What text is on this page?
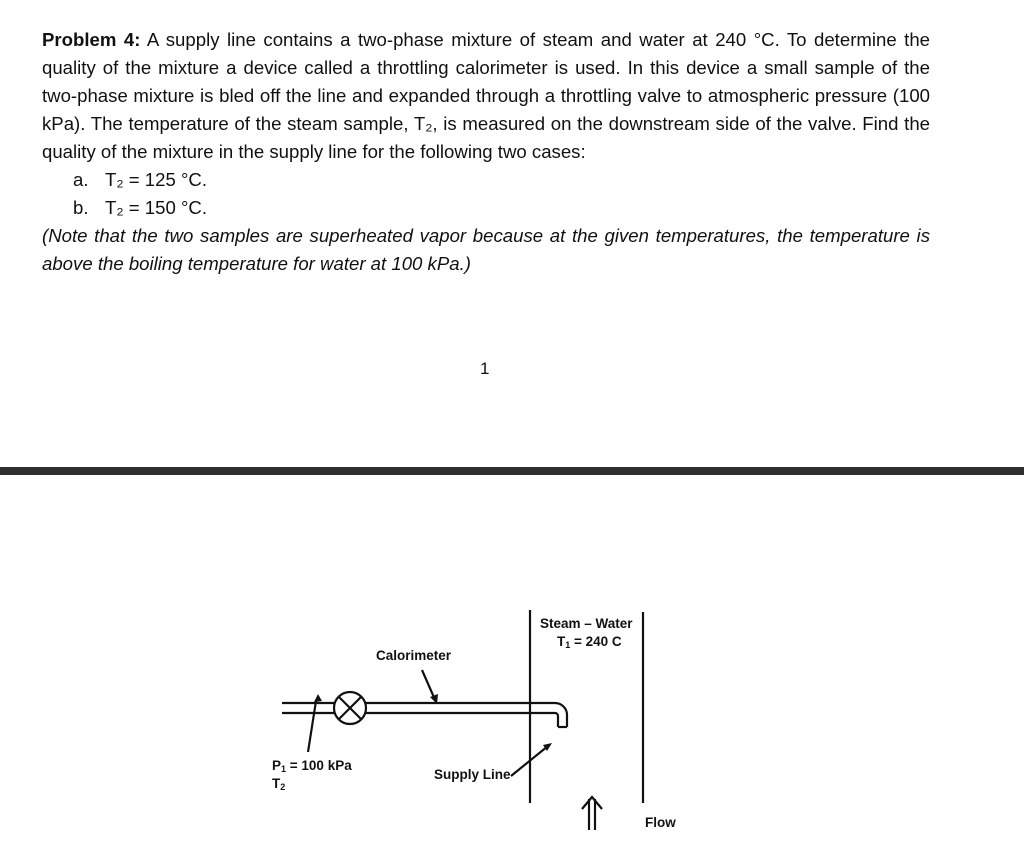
Problem 4: A supply line contains a two-phase mixture of steam and water at 240 °C. To determine the quality of the mixture a device called a throttling calorimeter is used. In this device a small sample of the two-phase mixture is bled off the line and expanded through a throttling valve to atmospheric pressure (100 kPa). The temperature of the steam sample, T₂, is measured on the downstream side of the valve. Find the quality of the mixture in the supply line for the following two cases:

a. T₂ = 125 °C.
b. T₂ = 150 °C.

(Note that the two samples are superheated vapor because at the given temperatures, the temperature is above the boiling temperature for water at 100 kPa.)

1
Steam – Water
$T_1 = 240$ C
Calorimeter
$P_1 = 100$ kPa
$T_2$
Supply Line
Flow
